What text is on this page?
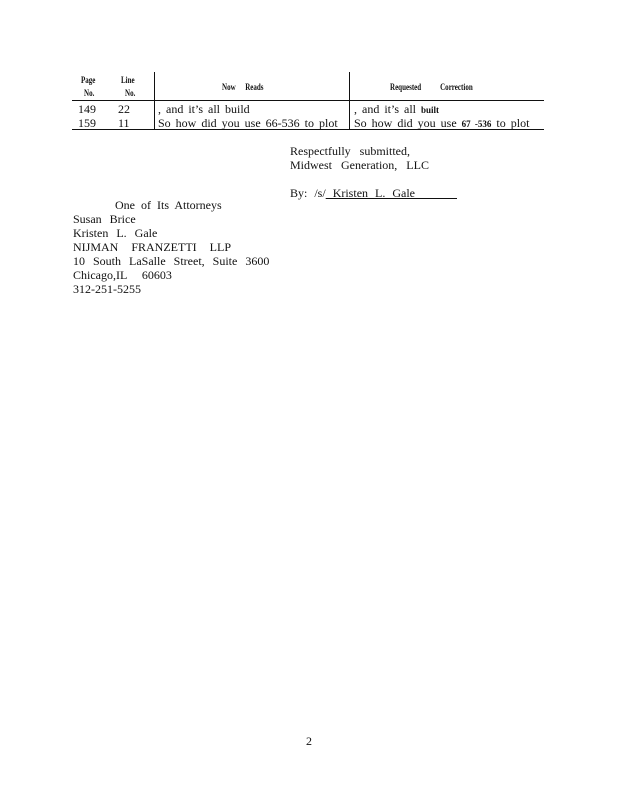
Page
No.
Line
No.
Now Reads	Requested Correction
149 22 , and it’s all build	, and it’s all built
159 11 So how did you use 66-536 to plot So how did you use 67 -536 to plot
Respectfully submitted,
Midwest Generation, LLC
By: /s/ Kristen L. Gale
One of Its Attorneys
Susan Brice
Kristen L. Gale
NIJMAN FRANZETTI LLP
10 South LaSalle Street, Suite 3600
Chicago,IL 60603
312-251-5255
2
